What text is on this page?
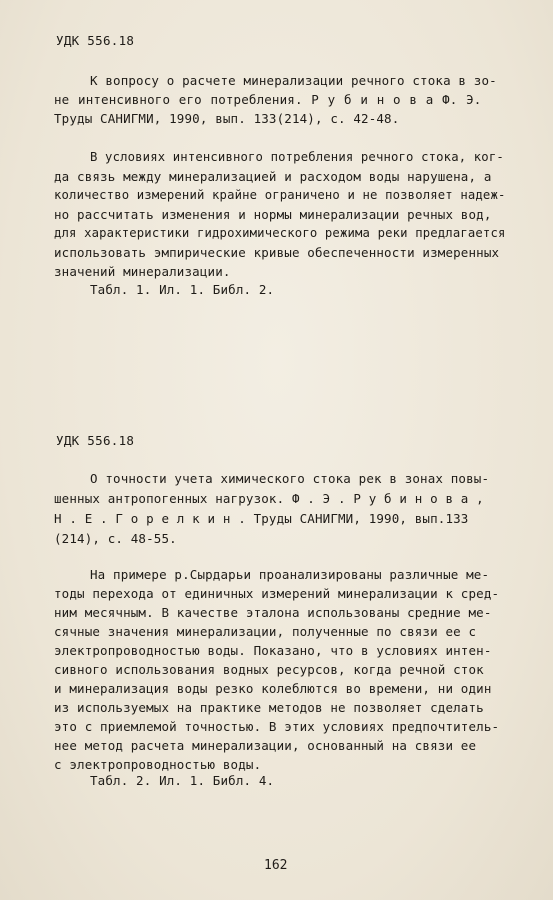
УДК 556.18
К вопросу о расчете минерализации речного стока в зо-
не интенсивного его потребления. Р у б и н о в а Ф. Э.
Труды САНИГМИ, 1990, вып. 133(214), с. 42-48.
В условиях интенсивного потребления речного стока, ког-
да связь между минерализацией и расходом воды нарушена, а
количество измерений крайне ограничено и не позволяет надеж-
но рассчитать изменения и нормы минерализации речных вод,
для характеристики гидрохимического режима реки предлагается
использовать эмпирические кривые обеспеченности измеренных
значений минерализации.
Табл. 1. Ил. 1. Библ. 2.
УДК 556.18
О точности учета химического стока рек в зонах повы-
шенных антропогенных нагрузок. Ф . Э . Р у б и н о в а ,
Н . Е . Г о р е л к и н . Труды САНИГМИ, 1990, вып.133
(214), с. 48-55.
На примере р.Сырдарьи проанализированы различные ме-
тоды перехода от единичных измерений минерализации к сред-
ним месячным. В качестве эталона использованы средние ме-
сячные значения минерализации, полученные по связи ее с
электропроводностью воды. Показано, что в условиях интен-
сивного использования водных ресурсов, когда речной сток
и минерализация воды резко колеблются во времени, ни один
из используемых на практике методов не позволяет сделать
это с приемлемой точностью. В этих условиях предпочтитель-
нее метод расчета минерализации, основанный на связи ее
с электропроводностью воды.
Табл. 2. Ил. 1. Библ. 4.
162
